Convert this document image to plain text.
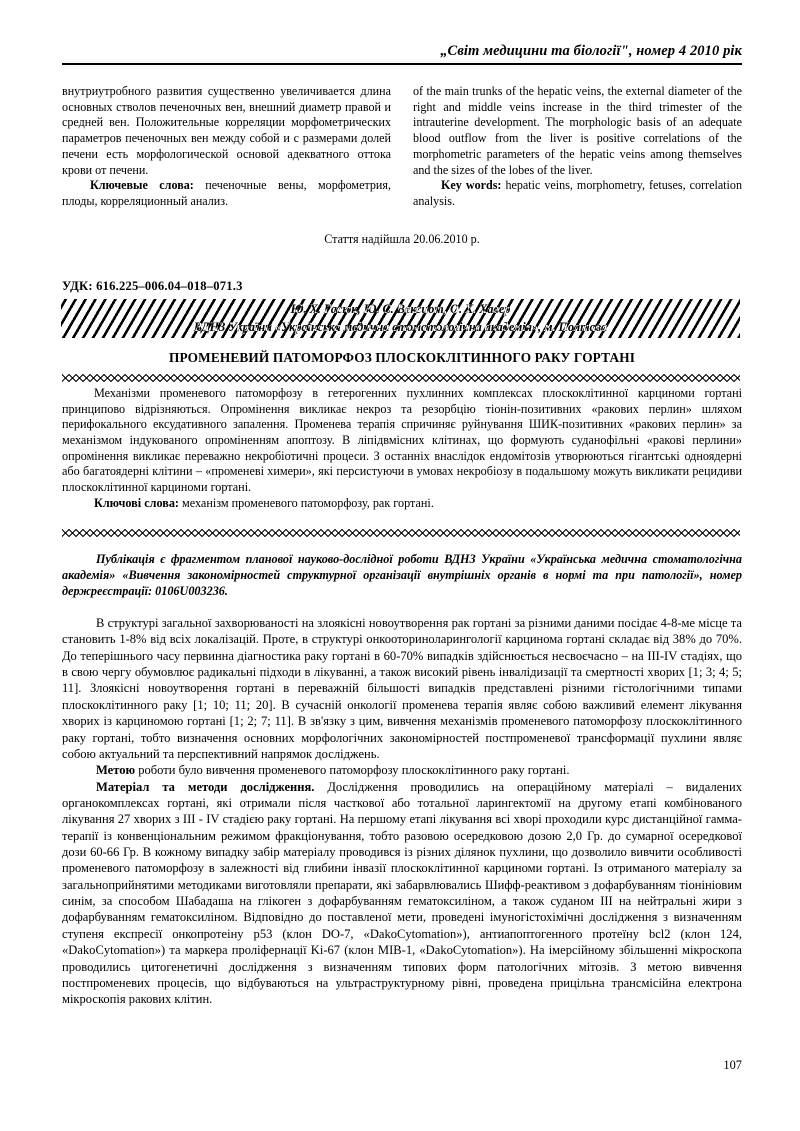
„Світ медицини та біології", номер 4 2010 рік

внутриутробного развития существенно увеличивается длина основных стволов печеночных вен, внешний диаметр правой и средней вен. Положительные корреляции морфометрических параметров печеночных вен между собой и с размерами долей печени есть морфологической основой адекватного оттока крови от печени.

Ключевые слова: печеночные вены, морфометрия, плоды, корреляционный анализ.

of the main trunks of the hepatic veins, the external diameter of the right and middle veins increase in the third trimester of the intrauterine development. The morphologic basis of an adequate blood outflow from the liver is positive correlations of the morphometric parameters of the hepatic veins among themselves and the sizes of the lobes of the liver.

Key words: hepatic veins, morphometry, fetuses, correlation analysis.

Стаття надійшла 20.06.2010 р.
УДК: 616.225–006.04–018–071.3
Ю. Х. Гасюк, Ю. С. Вексиот, О. Х. Хавер
ВДНЗ України «Українська медична стоматологічна академія», м. Полтава
ПРОМЕНЕВИЙ ПАТОМОРФОЗ ПЛОСКОКЛІТИННОГО РАКУ ГОРТАНІ

Механізми променевого патоморфозу в гетерогенних пухлинних комплексах плоскоклітинної карциноми гортані принципово відрізняються. Опромінення викликає некроз та резорбцію тіонін-позитивних «ракових перлин» шляхом перифокального ексудативного запалення. Променева терапія спричиняє руйнування ШИК-позитивних «ракових перлин» за механізмом індукованого опроміненням апоптозу. В ліпідвмісних клітинах, що формують суданофільні «ракові перлини» опромінення викликає переважно некробіотичні процеси. З останніх внаслідок ендомітозів утворюються гігантські одноядерні або багатоядерні клітини – «променеві химери», які персистуючи в умовах некробіозу в подальшому можуть викликати рецидиви плоскоклітинної карциноми гортані.

Ключові слова: механізм променевого патоморфозу, рак гортані.

Публікація є фрагментом планової науково-дослідної роботи ВДНЗ України «Українська медична стоматологічна академія» «Вивчення закономірностей структурної організації внутрішніх органів в нормі та при патології», номер держреєстрації: 0106U003236.

В структурі загальної захворюваності на злоякісні новоутворення рак гортані за різними даними посідає 4-8-ме місце та становить 1-8% від всіх локалізацій. Проте, в структурі онкооториноларингології карцинома гортані складає від 38% до 70%. До теперішнього часу первинна діагностика раку гортані в 60-70% випадків здійснюється несвоєчасно – на ІІІ-ІV стадіях, що в свою чергу обумовлює радикальні підходи в лікуванні, а також високий рівень інвалідизації та смертності хворих [1; 3; 4; 5; 11]. Злоякісні новоутворення гортані в переважній більшості випадків представлені різними гістологічними типами плоскоклітинного раку [1; 10; 11; 20]. В сучасній онкології променева терапія являє собою важливий елемент лікування хворих із карциномою гортані [1; 2; 7; 11]. В зв'язку з цим, вивчення механізмів променевого патоморфозу плоскоклітинного раку гортані, тобто визначення основних морфологічних закономірностей постпроменевої трансформації пухлини являє собою актуальний та перспективний напрямок досліджень.

Метою роботи було вивчення променевого патоморфозу плоскоклітинного раку гортані.

Матеріал та методи дослідження. Дослідження проводились на операційному матеріалі – видалених органокомплексах гортані, які отримали після часткової або тотальної ларингектомії на другому етапі комбінованого лікування 27 хворих з ІІІ - ІV стадією раку гортані. На першому етапі лікування всі хворі проходили курс дистанційної гамма-терапії із конвенціональним режимом фракціонування, тобто разовою осередковою дозою 2,0 Гр. до сумарної осередкової дози 60-66 Гр. В кожному випадку забір матеріалу проводився із різних ділянок пухлини, що дозволило вивчити особливості променевого патоморфозу в залежності від глибини інвазії плоскоклітинної карциноми гортані. Із отриманого матеріалу за загальноприйнятими методиками виготовляли препарати, які забарвлювались Шифф-реактивом з дофарбуванням тіонініовим синім, за способом Шабадаша на глікоген з дофарбуванням гематоксиліном, а також суданом ІІІ на нейтральні жири з дофарбуванням гематоксиліном. Відповідно до поставленої мети, проведені імуногістохімічні дослідження з визначенням ступеня експресії онкопротеіну р53 (клон DO-7, «DakoCytomation»), антиапоптогенного протеїну bcl2 (клон 124, «DakoCytomation») та маркера проліфернації Ki-67 (клон MIB-1, «DakoCytomation»). На імерсійному збільшенні мікроскопа проводились цитогенетичні дослідження з визначенням типових форм патологічних мітозів. З метою вивчення постпроменевих процесів, що відбуваються на ультраструктурному рівні, проведена прицільна трансмісійна електрона мікроскопія ракових клітин.

107
